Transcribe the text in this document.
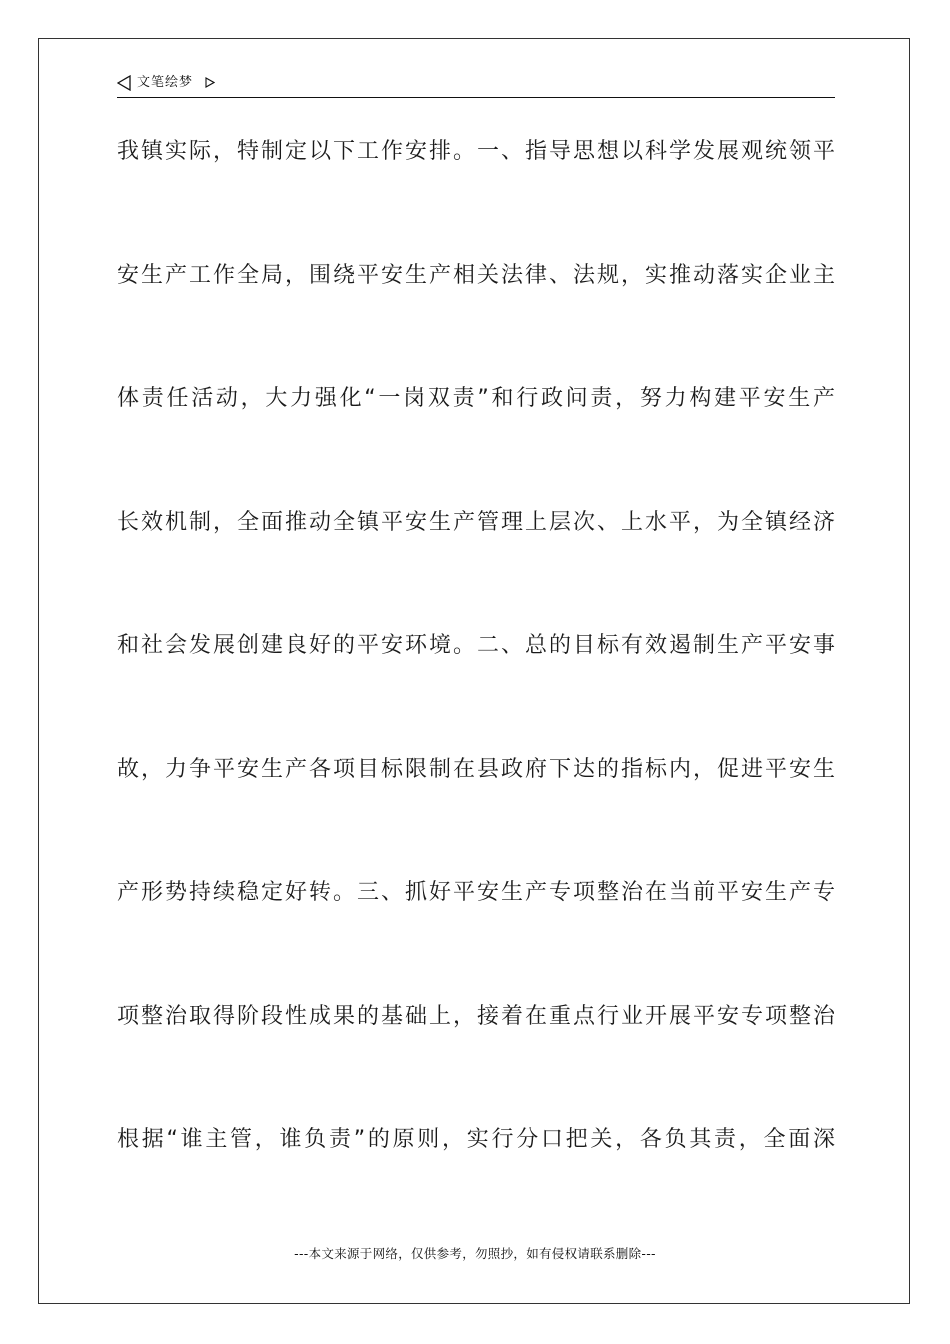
文笔绘梦
我镇实际，特制定以下工作安排。一、指导思想以科学发展观统领平
安生产工作全局，围绕平安生产相关法律、法规，实推动落实企业主
体责任活动，大力强化“一岗双责”和行政问责，努力构建平安生产
长效机制，全面推动全镇平安生产管理上层次、上水平，为全镇经济
和社会发展创建良好的平安环境。二、总的目标有效遏制生产平安事
故，力争平安生产各项目标限制在县政府下达的指标内，促进平安生
产形势持续稳定好转。三、抓好平安生产专项整治在当前平安生产专
项整治取得阶段性成果的基础上，接着在重点行业开展平安专项整治
根据“谁主管，谁负责”的原则，实行分口把关，各负其责，全面深
---本文来源于网络，仅供参考，勿照抄，如有侵权请联系删除---
